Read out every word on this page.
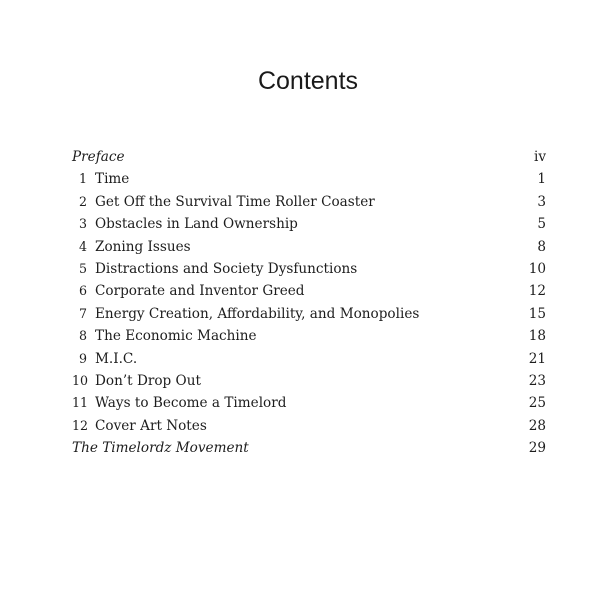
Contents
Preface	iv
1 Time	1
2 Get Off the Survival Time Roller Coaster	3
3 Obstacles in Land Ownership	5
4 Zoning Issues	8
5 Distractions and Society Dysfunctions	10
6 Corporate and Inventor Greed	12
7 Energy Creation, Affordability, and Monopolies	15
8 The Economic Machine	18
9 M.I.C.	21
10 Don’t Drop Out	23
11 Ways to Become a Timelord	25
12 Cover Art Notes	28
The Timelordz Movement	29
